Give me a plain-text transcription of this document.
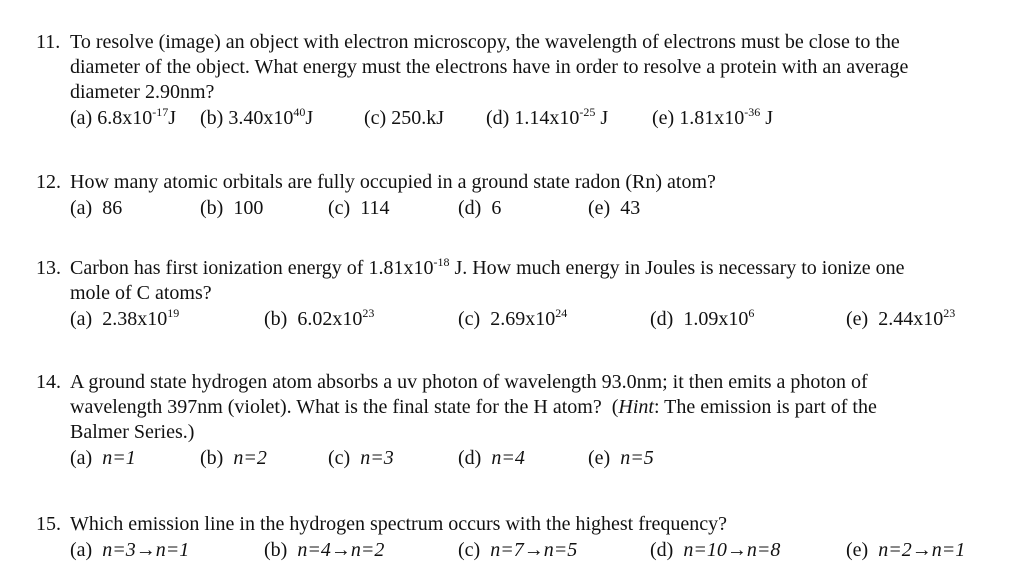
11. To resolve (image) an object with electron microscopy, the wavelength of electrons must be close to the
diameter of the object. What energy must the electrons have in order to resolve a protein with an average
diameter 2.90nm?
(a) $6.8x10^{-17}J$ (b) $3.40x10^{40}J$	(c) 250.kJ (d) $1.14x10^{-25}$ J (e) $1.81x10^{-36}$ J
12. How many atomic orbitals are fully occupied in a ground state radon (Rn) atom?
(a) 86	(b) 100	(c) 114	(d) 6	(e) 43
13. Carbon has first ionization energy of $1.81x10^{-18}$ J. How much energy in Joules is necessary to ionize one
mole of C atoms?
(a) $2.38x10^{19}$	(b) $6.02x10^{23}$	(c) $2.69x10^{24}$	(d) $1.09x10^6$	(e) $2.44x10^{23}$
14. A ground state hydrogen atom absorbs a uv photon of wavelength 93.0nm; it then emits a photon of
wavelength 397nm (violet). What is the final state for the H atom? (Hint: The emission is part of the
Balmer Series.)
(a) n=1	(b) n=2	(c) n=3	(d) n=4	(e) n=5
15. Which emission line in the hydrogen spectrum occurs with the highest frequency?
(a) n=3→n=1	(b) n=4→n=2	(c) n=7→n=5	(d) n=10→n=8	(e) n=2→n=1
